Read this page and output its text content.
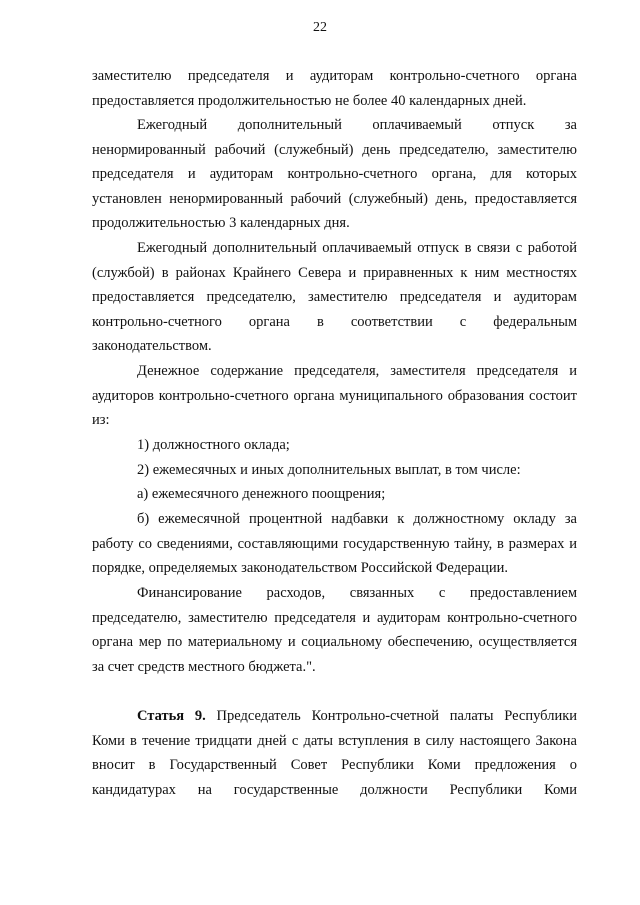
22

заместителю председателя и аудиторам контрольно-счетного органа предоставляется продолжительностью не более 40 календарных дней.

Ежегодный дополнительный оплачиваемый отпуск за ненормированный рабочий (служебный) день председателю, заместителю председателя и аудиторам контрольно-счетного органа, для которых установлен ненормированный рабочий (служебный) день, предоставляется продолжительностью 3 календарных дня.

Ежегодный дополнительный оплачиваемый отпуск в связи с работой (службой) в районах Крайнего Севера и приравненных к ним местностях предоставляется председателю, заместителю председателя и аудиторам контрольно-счетного органа в соответствии с федеральным законодательством.

Денежное содержание председателя, заместителя председателя и аудиторов контрольно-счетного органа муниципального образования состоит из:

1) должностного оклада;

2) ежемесячных и иных дополнительных выплат, в том числе:

а) ежемесячного денежного поощрения;

б) ежемесячной процентной надбавки к должностному окладу за работу со сведениями, составляющими государственную тайну, в размерах и порядке, определяемых законодательством Российской Федерации.

Финансирование расходов, связанных с предоставлением председателю, заместителю председателя и аудиторам контрольно-счетного органа мер по материальному и социальному обеспечению, осуществляется за счет средств местного бюджета.".

Статья 9. Председатель Контрольно-счетной палаты Республики Коми в течение тридцати дней с даты вступления в силу настоящего Закона вносит в Государственный Совет Республики Коми предложения о кандидатурах на государственные должности Республики Коми
